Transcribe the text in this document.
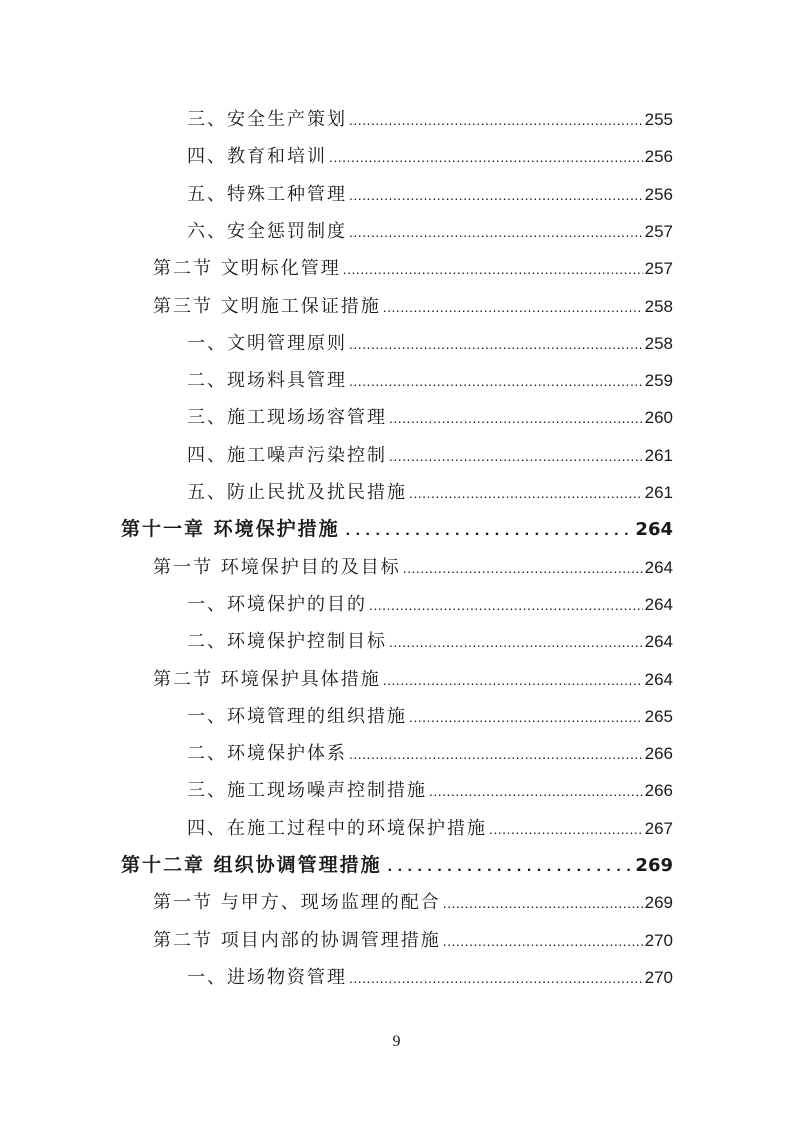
三、安全生产策划 .....	255
四、教育和培训 .....	256
五、特殊工种管理 .....	256
六、安全惩罚制度 .....	257
第二节 文明标化管理 .....	257
第三节 文明施工保证措施 .....	258
一、文明管理原则 .....	258
二、现场料具管理 .....	259
三、施工现场场容管理 .....	260
四、施工噪声污染控制 .....	261
五、防止民扰及扰民措施 .....	261
第十一章 环境保护措施 .....	264
第一节 环境保护目的及目标 .....	264
一、环境保护的目的 .....	264
二、环境保护控制目标 .....	264
第二节 环境保护具体措施 .....	264
一、环境管理的组织措施 .....	265
二、环境保护体系 .....	266
三、施工现场噪声控制措施 .....	266
四、在施工过程中的环境保护措施 .....	267
第十二章 组织协调管理措施 .....	269
第一节 与甲方、现场监理的配合 .....	269
第二节 项目内部的协调管理措施 .....	270
一、进场物资管理 .....	270
9
